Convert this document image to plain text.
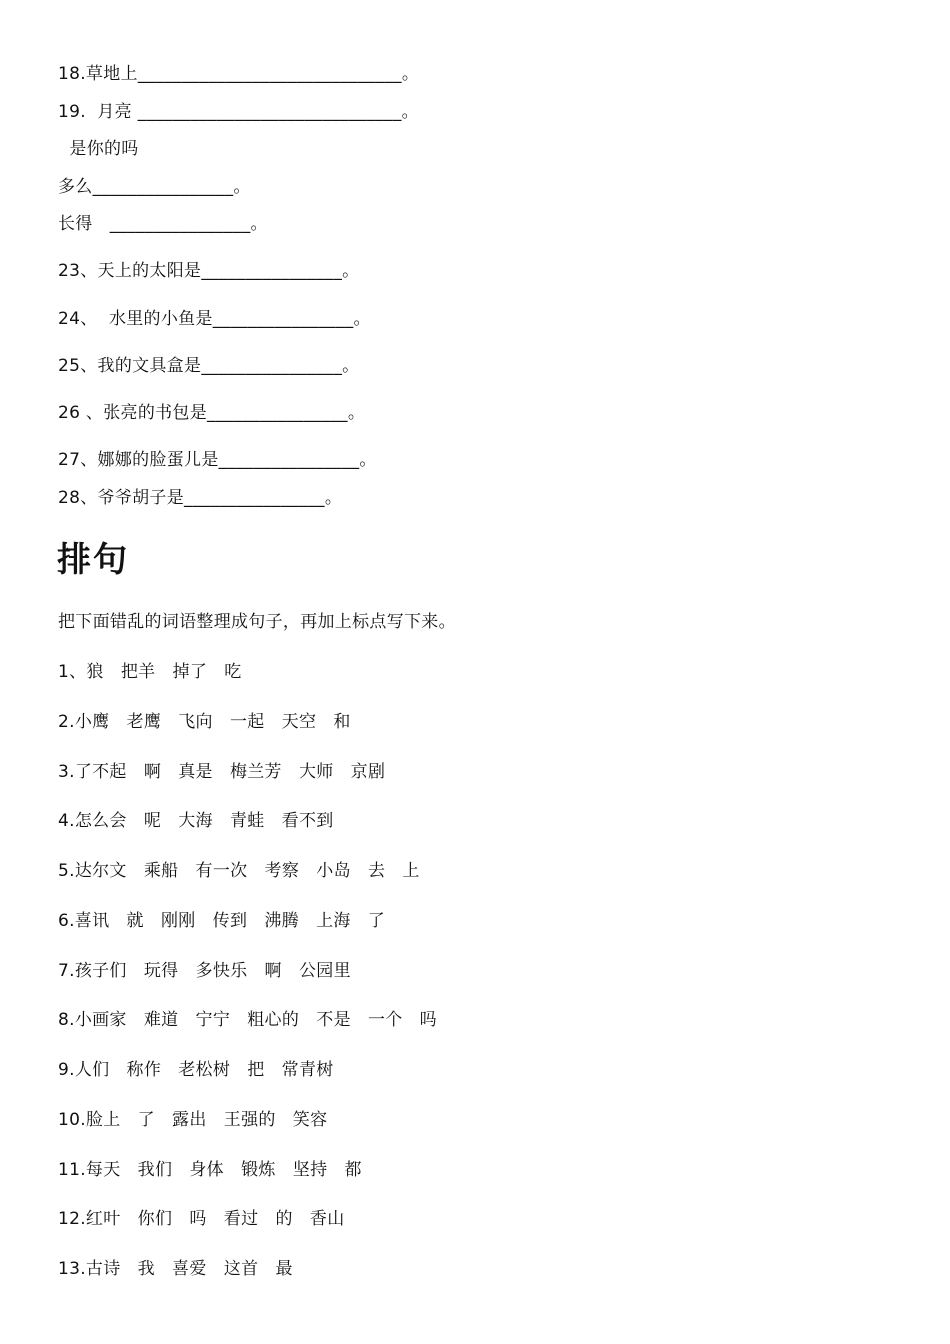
18.草地上______________________________。
19.  月亮 ______________________________。
是你的吗
多么________________。
长得   ________________。
23、天上的太阳是________________。
24、  水里的小鱼是________________。
25、我的文具盒是________________。
26 、张亮的书包是________________。
27、娜娜的脸蛋儿是________________。
28、爷爷胡子是________________。
排句
把下面错乱的词语整理成句子，再加上标点写下来。
1、狼   把羊   掉了   吃
2.小鹰   老鹰   飞向   一起   天空   和
3.了不起   啊   真是   梅兰芳   大师   京剧
4.怎么会   呢   大海   青蛙   看不到
5.达尔文   乘船   有一次   考察   小岛   去   上
6.喜讯   就   刚刚   传到   沸腾   上海   了
7.孩子们   玩得   多快乐   啊   公园里
8.小画家   难道   宁宁   粗心的   不是   一个   吗
9.人们   称作   老松树   把   常青树
10.脸上   了   露出   王强的   笑容
11.每天   我们   身体   锻炼   坚持   都
12.红叶   你们   吗   看过   的   香山
13.古诗   我   喜爱   这首   最
